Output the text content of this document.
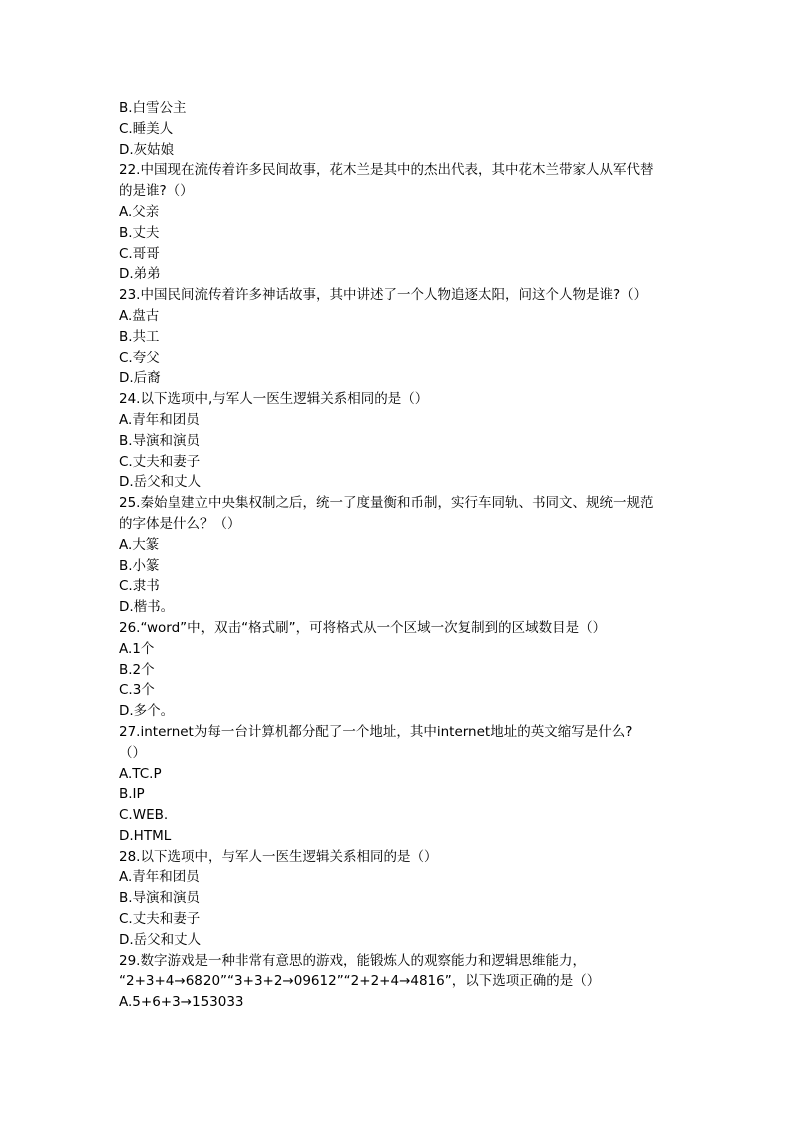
B.白雪公主
C.睡美人
D.灰姑娘
22.中国现在流传着许多民间故事，花木兰是其中的杰出代表，其中花木兰带家人从军代替
的是谁?（）
A.父亲
B.丈夫
C.哥哥
D.弟弟
23.中国民间流传着许多神话故事，其中讲述了一个人物追逐太阳，问这个人物是谁?（）
A.盘古
B.共工
C.夸父
D.后裔
24.以下选项中,与军人一医生逻辑关系相同的是（）
A.青年和团员
B.导演和演员
C.丈夫和妻子
D.岳父和丈人
25.秦始皇建立中央集权制之后，统一了度量衡和币制，实行车同轨、书同文、规统一规范
的字体是什么？（）
A.大篆
B.小篆
C.隶书
D.楷书。
26.“word”中，双击“格式刷”，可将格式从一个区域一次复制到的区域数目是（）
A.1个
B.2个
C.3个
D.多个。
27.internet为每一台计算机都分配了一个地址，其中internet地址的英文缩写是什么?
（）
A.TC.P
B.IP
C.WEB.
D.HTML
28.以下选项中，与军人一医生逻辑关系相同的是（）
A.青年和团员
B.导演和演员
C.丈夫和妻子
D.岳父和丈人
29.数字游戏是一种非常有意思的游戏，能锻炼人的观察能力和逻辑思维能力，
“2+3+4→6820”“3+3+2→09612”“2+2+4→4816”，以下选项正确的是（）
A.5+6+3→153033
